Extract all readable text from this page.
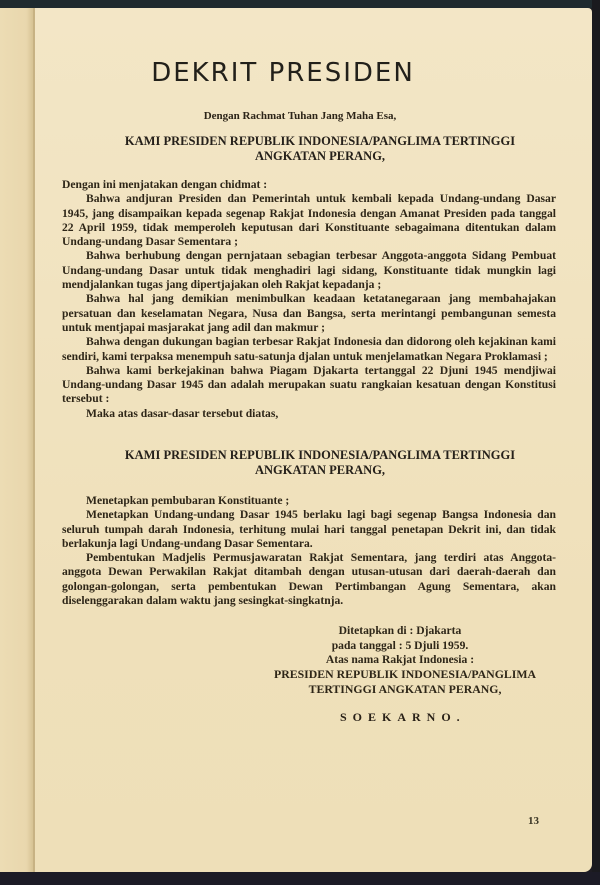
DEKRIT PRESIDEN
Dengan Rachmat Tuhan Jang Maha Esa,
KAMI PRESIDEN REPUBLIK INDONESIA/PANGLIMA TERTINGGI
ANGKATAN PERANG,

Dengan ini menjatakan dengan chidmat :

Bahwa andjuran Presiden dan Pemerintah untuk kembali kepada Undang-undang Dasar 1945, jang disampaikan kepada segenap Rakjat Indonesia dengan Amanat Presiden pada tanggal 22 April 1959, tidak memperoleh keputusan dari Konstituante sebagaimana ditentukan dalam Undang-undang Dasar Sementara ;

Bahwa berhubung dengan pernjataan sebagian terbesar Anggota-anggota Sidang Pembuat Undang-undang Dasar untuk tidak menghadiri lagi sidang, Konstituante tidak mungkin lagi mendjalankan tugas jang dipertjajakan oleh Rakjat kepadanja ;

Bahwa hal jang demikian menimbulkan keadaan ketatanegaraan jang membahajakan persatuan dan keselamatan Negara, Nusa dan Bangsa, serta merintangi pembangunan semesta untuk mentjapai masjarakat jang adil dan makmur ;

Bahwa dengan dukungan bagian terbesar Rakjat Indonesia dan didorong oleh kejakinan kami sendiri, kami terpaksa menempuh satu-satunja djalan untuk menjelamatkan Negara Proklamasi ;

Bahwa kami berkejakinan bahwa Piagam Djakarta tertanggal 22 Djuni 1945 mendjiwai Undang-undang Dasar 1945 dan adalah merupakan suatu rangkaian kesatuan dengan Konstitusi tersebut :

Maka atas dasar-dasar tersebut diatas,

KAMI PRESIDEN REPUBLIK INDONESIA/PANGLIMA TERTINGGI
ANGKATAN PERANG,

Menetapkan pembubaran Konstituante ;

Menetapkan Undang-undang Dasar 1945 berlaku lagi bagi segenap Bangsa Indonesia dan seluruh tumpah darah Indonesia, terhitung mulai hari tanggal penetapan Dekrit ini, dan tidak berlakunja lagi Undang-undang Dasar Sementara.

Pembentukan Madjelis Permusjawaratan Rakjat Sementara, jang terdiri atas Anggota-anggota Dewan Perwakilan Rakjat ditambah dengan utusan-utusan dari daerah-daerah dan golongan-golongan, serta pembentukan Dewan Pertimbangan Agung Sementara, akan diselenggarakan dalam waktu jang sesingkat-singkatnja.

Ditetapkan di : Djakarta
pada tanggal : 5 Djuli 1959.
Atas nama Rakjat Indonesia :
PRESIDEN REPUBLIK INDONESIA/PANGLIMA
TERTINGGI ANGKATAN PERANG,
SOEKARNO.
13
